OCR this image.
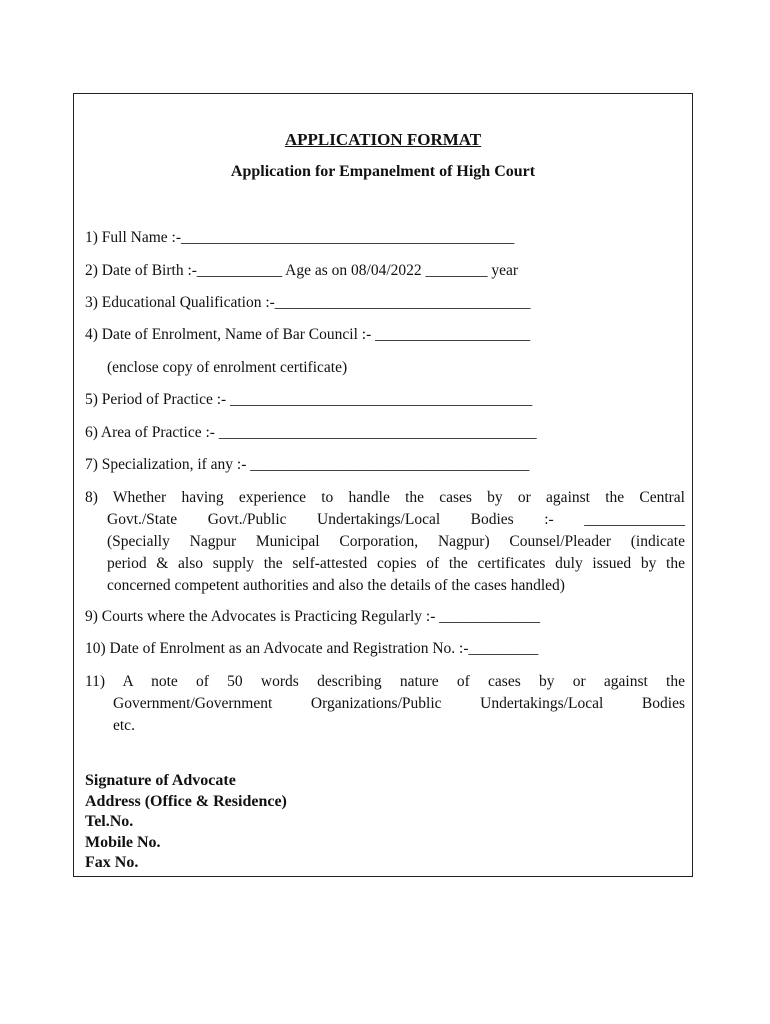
APPLICATION FORMAT
Application for Empanelment of High Court
1) Full Name :-___________________________________________
2) Date of Birth :-___________ Age as on 08/04/2022 ________ year
3) Educational Qualification :-_________________________________
4) Date of Enrolment, Name of Bar Council :- ____________________
(enclose copy of enrolment certificate)
5) Period of Practice :- _______________________________________
6) Area of Practice :- _________________________________________
7) Specialization, if any :- ____________________________________
8) Whether having experience to handle the cases by or against the Central
Govt./State Govt./Public Undertakings/Local Bodies :- _____________
(Specially Nagpur Municipal Corporation, Nagpur) Counsel/Pleader (indicate
period & also supply the self-attested copies of the certificates duly issued by the
concerned competent authorities and also the details of the cases handled)
9) Courts where the Advocates is Practicing Regularly :- _____________
10) Date of Enrolment as an Advocate and Registration No. :-_________
11) A note of 50 words describing nature of cases by or against the
Government/Government Organizations/Public Undertakings/Local Bodies
etc.
Signature of Advocate
Address (Office & Residence)
Tel.No.
Mobile No.
Fax No.
